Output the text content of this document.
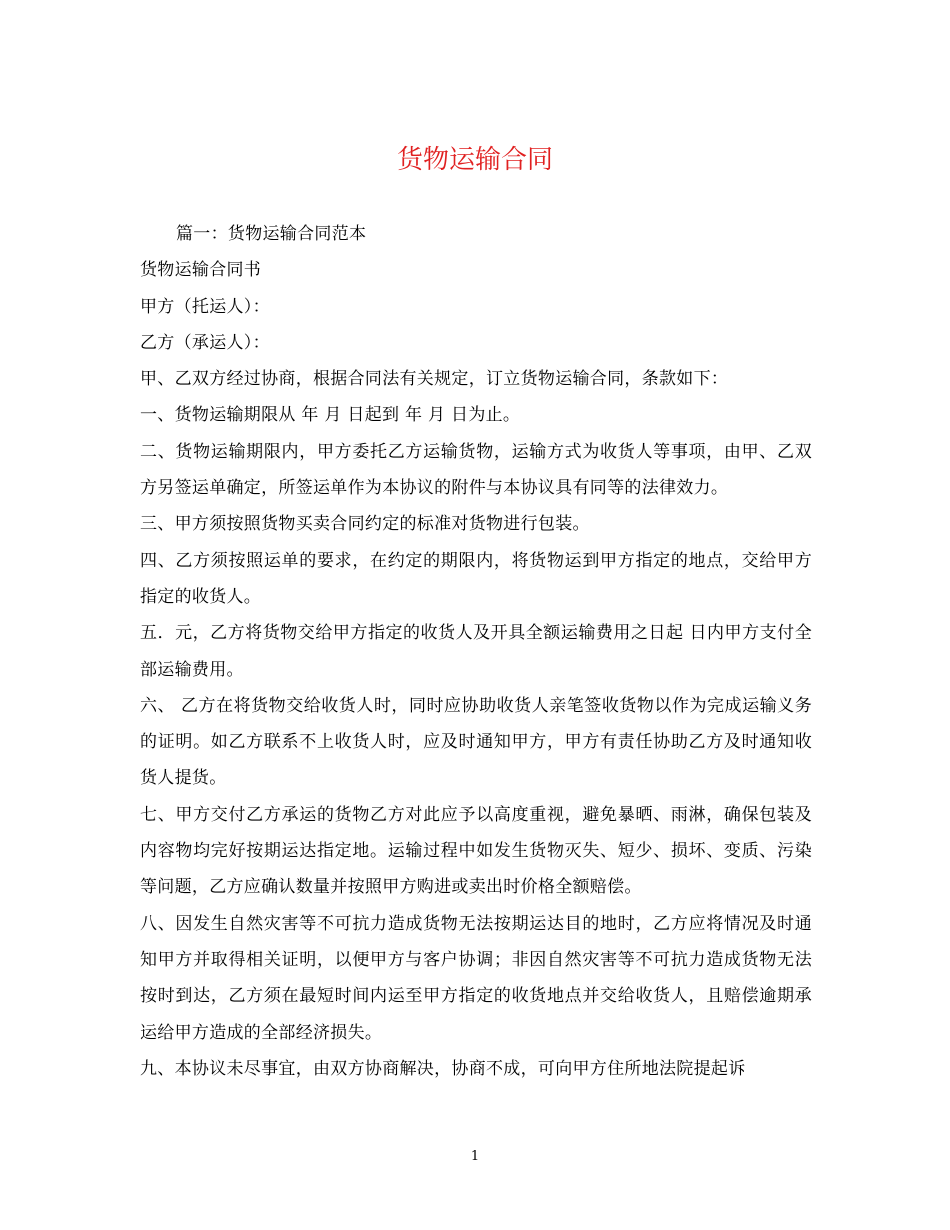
货物运输合同

篇一：货物运输合同范本

货物运输合同书

甲方（托运人）：

乙方（承运人）：

甲、乙双方经过协商，根据合同法有关规定，订立货物运输合同，条款如下：

一、货物运输期限从 年 月 日起到 年 月 日为止。

二、货物运输期限内，甲方委托乙方运输货物，运输方式为收货人等事项，由甲、乙双方另签运单确定，所签运单作为本协议的附件与本协议具有同等的法律效力。

三、甲方须按照货物买卖合同约定的标准对货物进行包装。

四、乙方须按照运单的要求，在约定的期限内，将货物运到甲方指定的地点，交给甲方指定的收货人。

五．元，乙方将货物交给甲方指定的收货人及开具全额运输费用之日起 日内甲方支付全部运输费用。

六、 乙方在将货物交给收货人时，同时应协助收货人亲笔签收货物以作为完成运输义务的证明。如乙方联系不上收货人时，应及时通知甲方，甲方有责任协助乙方及时通知收货人提货。

七、甲方交付乙方承运的货物乙方对此应予以高度重视，避免暴晒、雨淋，确保包装及内容物均完好按期运达指定地。运输过程中如发生货物灭失、短少、损坏、变质、污染等问题，乙方应确认数量并按照甲方购进或卖出时价格全额赔偿。

八、因发生自然灾害等不可抗力造成货物无法按期运达目的地时，乙方应将情况及时通知甲方并取得相关证明，以便甲方与客户协调；非因自然灾害等不可抗力造成货物无法按时到达，乙方须在最短时间内运至甲方指定的收货地点并交给收货人，且赔偿逾期承运给甲方造成的全部经济损失。

九、本协议未尽事宜，由双方协商解决，协商不成，可向甲方住所地法院提起诉

1
